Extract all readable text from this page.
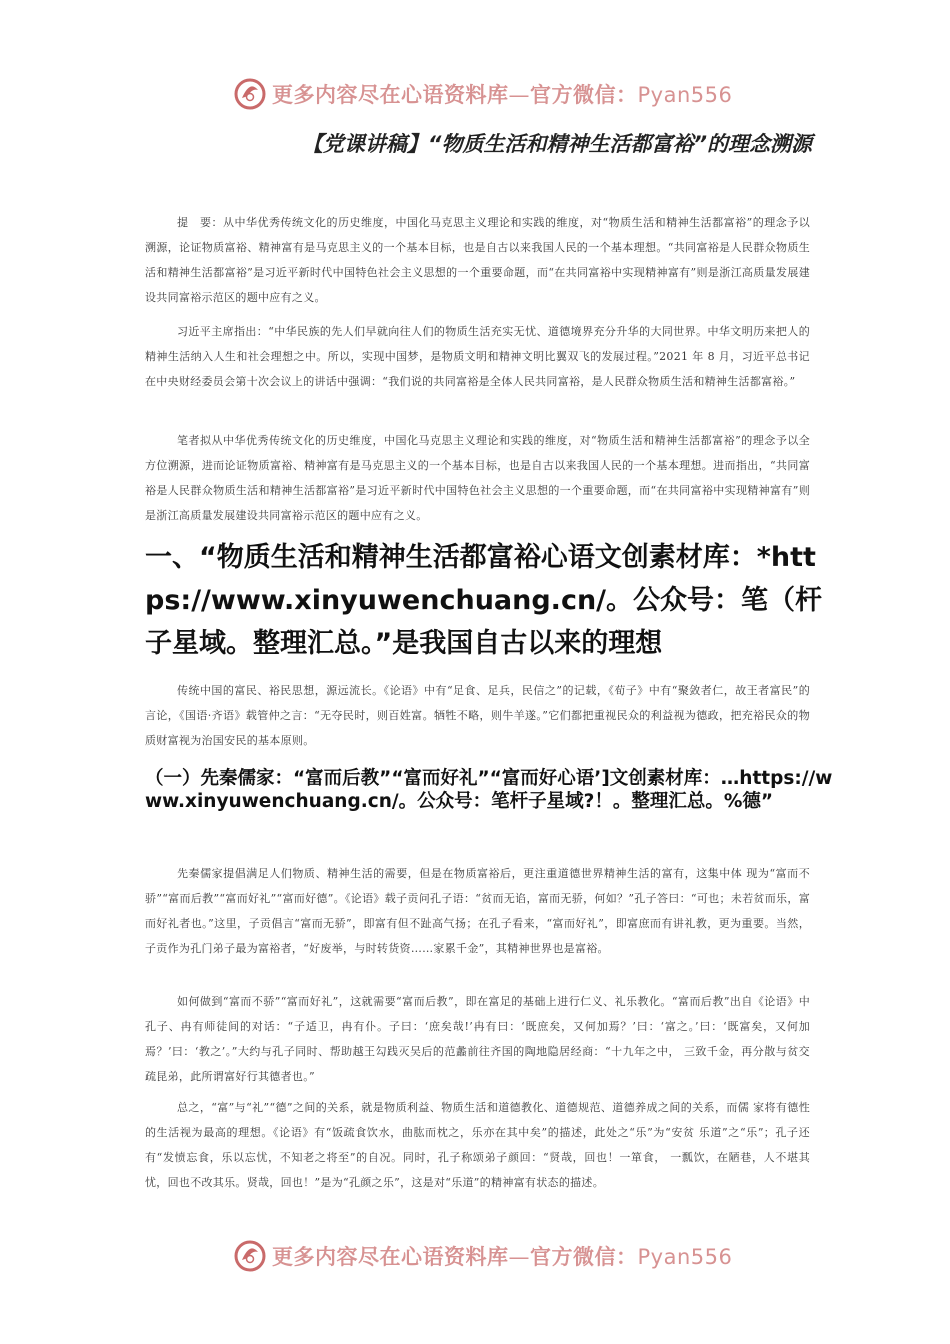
更多内容尽在心语资料库—官方微信：Pyan556
【党课讲稿】“物质生活和精神生活都富裕”的理念溯源

提　要：从中华优秀传统文化的历史维度，中国化马克思主义理论和实践的维度，对“物质生活和精神生活都富裕”的理念予以溯源，论证物质富裕、精神富有是马克思主义的一个基本目标，也是自古以来我国人民的一个基本理想。“共同富裕是人民群众物质生活和精神生活都富裕”是习近平新时代中国特色社会主义思想的一个重要命题，而“在共同富裕中实现精神富有”则是浙江高质量发展建设共同富裕示范区的题中应有之义。

习近平主席指出：“中华民族的先人们早就向往人们的物质生活充实无忧、道德境界充分升华的大同世界。中华文明历来把人的精神生活纳入人生和社会理想之中。所以，实现中国梦，是物质文明和精神文明比翼双飞的发展过程。”2021 年 8 月，习近平总书记在中央财经委员会第十次会议上的讲话中强调：“我们说的共同富裕是全体人民共同富裕，是人民群众物质生活和精神生活都富裕。”

笔者拟从中华优秀传统文化的历史维度，中国化马克思主义理论和实践的维度，对“物质生活和精神生活都富裕”的理念予以全方位溯源，进而论证物质富裕、精神富有是马克思主义的一个基本目标，也是自古以来我国人民的一个基本理想。进而指出，“共同富裕是人民群众物质生活和精神生活都富裕”是习近平新时代中国特色社会主义思想的一个重要命题，而“在共同富裕中实现精神富有”则是浙江高质量发展建设共同富裕示范区的题中应有之义。

一、“物质生活和精神生活都富裕心语文创素材库：*https://www.xinyuwenchuang.cn/。公众号：笔（杆子星域。整理汇总。”是我国自古以来的理想

传统中国的富民、裕民思想，源远流长。《论语》中有“足食、足兵，民信之”的记载，《荀子》中有“聚敛者仁，故王者富民”的言论，《国语·齐语》载管仲之言：“无夺民时，则百姓富。牺牲不略，则牛羊遂。”它们都把重视民众的利益视为德政，把充裕民众的物质财富视为治国安民的基本原则。

（一）先秦儒家：“富而后教”“富而好礼”“富而好心语’]文创素材库：…https://www.xinyuwenchuang.cn/。公众号：笔杆子星域?！。整理汇总。%德”

先秦儒家提倡满足人们物质、精神生活的需要，但是在物质富裕后，更注重道德世界精神生活的富有，这集中体 现为“富而不骄”“富而后教”“富而好礼”“富而好德”。《论语》载子贡问孔子语：“贫而无谄，富而无骄，何如？”孔子答曰：“可也；未若贫而乐，富而好礼者也。”这里，子贡倡言“富而无骄”，即富有但不趾高气扬；在孔子看来，“富而好礼”，即富庶而有讲礼教，更为重要。当然，子贡作为孔门弟子最为富裕者，“好废举，与时转货资……家累千金”，其精神世界也是富裕。

如何做到“富而不骄”“富而好礼”，这就需要“富而后教”，即在富足的基础上进行仁义、礼乐教化。“富而后教”出自《论语》中孔子、冉有师徒间的对话：“子适卫，冉有仆。子曰：‘庶矣哉!’冉有曰：‘既庶矣，又何加焉？’曰：‘富之。’曰：‘既富矣，又何加焉？’曰：‘教之’。”大约与孔子同时、帮助越王勾践灭吴后的范蠡前往齐国的陶地隐居经商：“十九年之中， 三致千金，再分散与贫交疏昆弟，此所谓富好行其德者也。”

总之，“富”与“礼”“德”之间的关系，就是物质利益、物质生活和道德教化、道德规范、道德养成之间的关系，而儒 家将有德性的生活视为最高的理想。《论语》有“饭疏食饮水，曲肱而枕之，乐亦在其中矣”的描述，此处之“乐”为“安贫 乐道”之“乐”；孔子还有“发愤忘食，乐以忘忧，不知老之将至”的自况。同时，孔子称颂弟子颜回：“贤哉，回也！一箪食， 一瓢饮，在陋巷，人不堪其忧，回也不改其乐。贤哉，回也！”是为“孔颜之乐”，这是对“乐道”的精神富有状态的描述。

更多内容尽在心语资料库—官方微信：Pyan556
